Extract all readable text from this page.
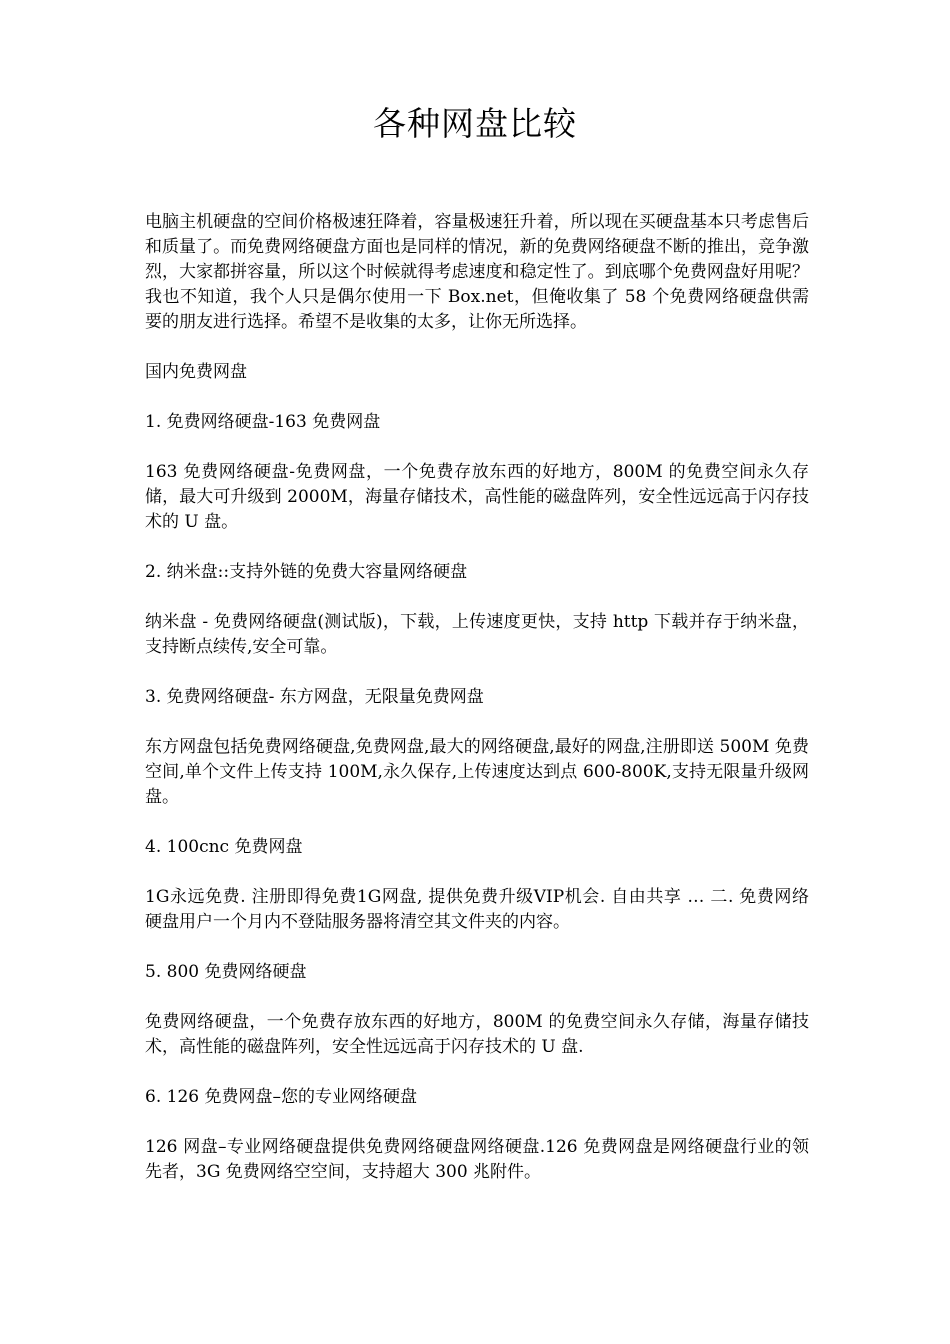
各种网盘比较

电脑主机硬盘的空间价格极速狂降着，容量极速狂升着，所以现在买硬盘基本只考虑售后和质量了。而免费网络硬盘方面也是同样的情况，新的免费网络硬盘不断的推出，竞争激烈，大家都拼容量，所以这个时候就得考虑速度和稳定性了。到底哪个免费网盘好用呢？ 我也不知道，我个人只是偶尔使用一下 Box.net，但俺收集了 58 个免费网络硬盘供需要的朋友进行选择。希望不是收集的太多，让你无所选择。

国内免费网盘

1. 免费网络硬盘-163 免费网盘

163 免费网络硬盘-免费网盘，一个免费存放东西的好地方，800M 的免费空间永久存储，最大可升级到 2000M，海量存储技术，高性能的磁盘阵列，安全性远远高于闪存技术的 U 盘。

2. 纳米盘::支持外链的免费大容量网络硬盘

纳米盘 - 免费网络硬盘(测试版)，下载，上传速度更快，支持 http 下载并存于纳米盘，支持断点续传,安全可靠。

3. 免费网络硬盘- 东方网盘，无限量免费网盘

东方网盘包括免费网络硬盘,免费网盘,最大的网络硬盘,最好的网盘,注册即送 500M 免费空间,单个文件上传支持 100M,永久保存,上传速度达到点 600-800K,支持无限量升级网盘。

4. 100cnc 免费网盘

1G永远免费. 注册即得免费1G网盘, 提供免费升级VIP机会. 自由共享 … 二. 免费网络 硬盘用户一个月内不登陆服务器将清空其文件夹的内容。

5. 800 免费网络硬盘

免费网络硬盘，一个免费存放东西的好地方，800M 的免费空间永久存储，海量存储技术，高性能的磁盘阵列，安全性远远高于闪存技术的 U 盘.

6. 126 免费网盘–您的专业网络硬盘

126 网盘–专业网络硬盘提供免费网络硬盘网络硬盘.126 免费网盘是网络硬盘行业的领先者，3G 免费网络空空间，支持超大 300 兆附件。
